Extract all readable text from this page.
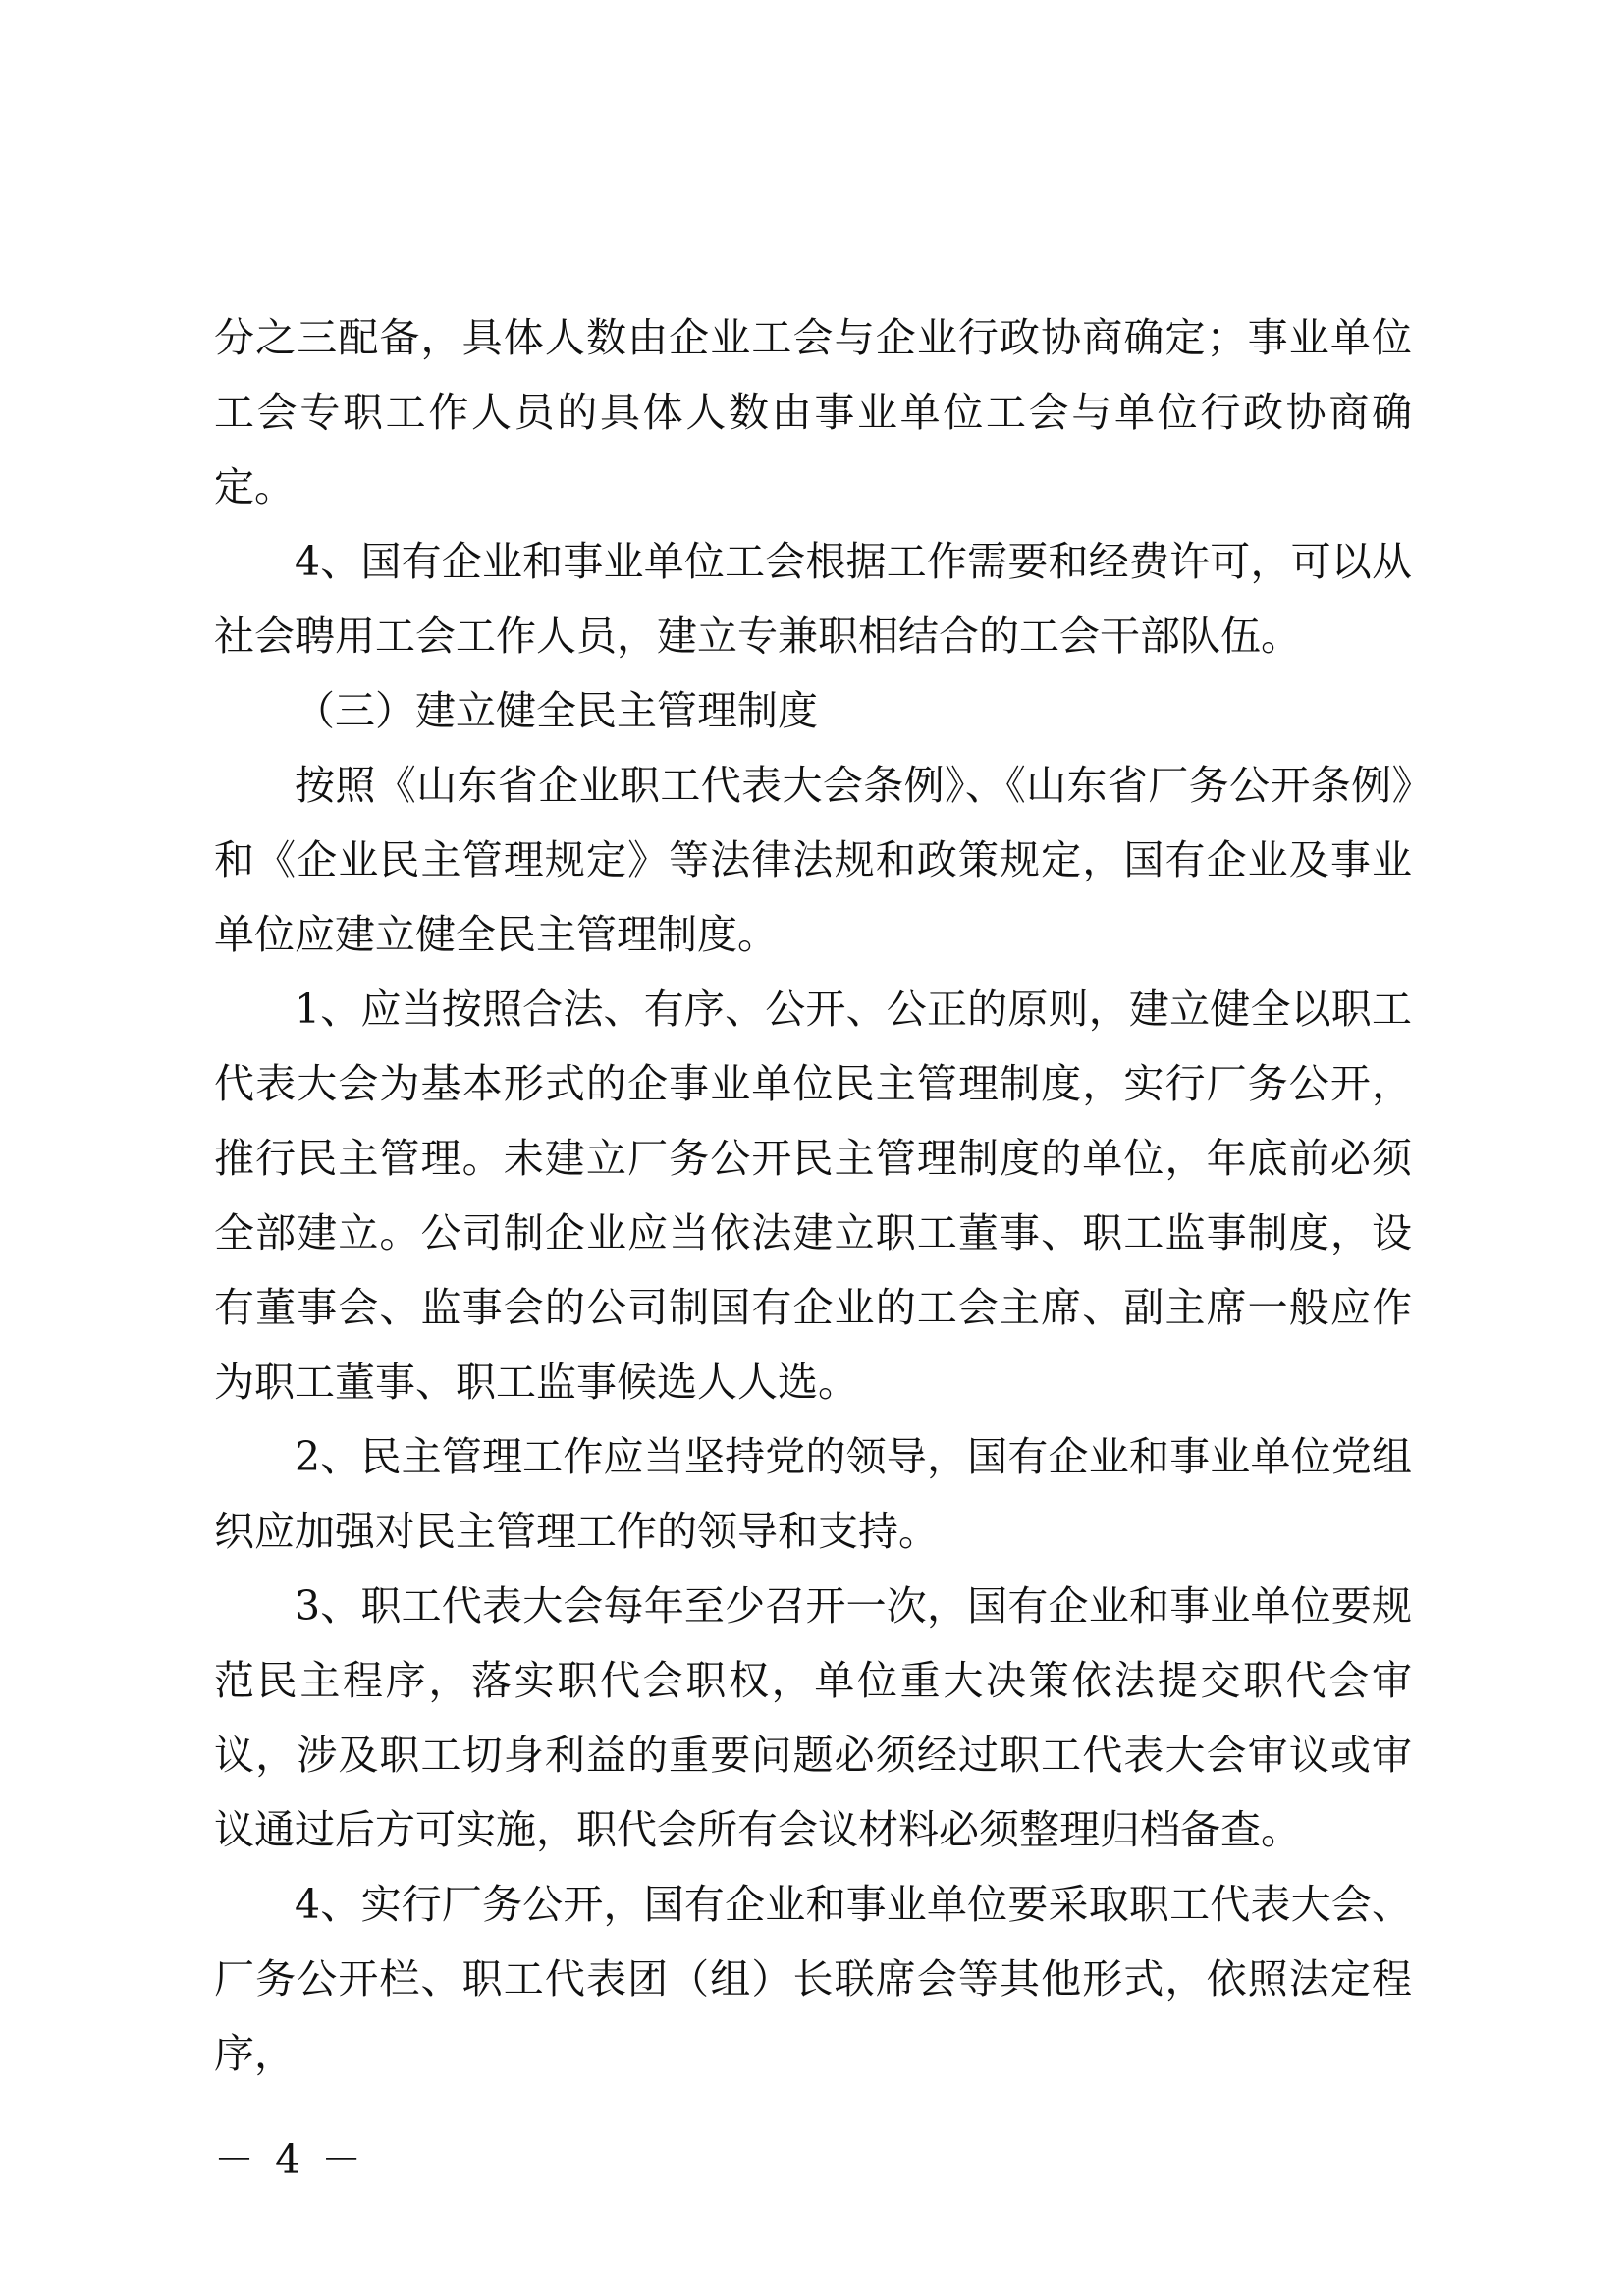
分之三配备，具体人数由企业工会与企业行政协商确定；事业单位工会专职工作人员的具体人数由事业单位工会与单位行政协商确定。

4、国有企业和事业单位工会根据工作需要和经费许可，可以从社会聘用工会工作人员，建立专兼职相结合的工会干部队伍。

（三）建立健全民主管理制度

按照《山东省企业职工代表大会条例》、《山东省厂务公开条例》和《企业民主管理规定》等法律法规和政策规定，国有企业及事业单位应建立健全民主管理制度。

1、应当按照合法、有序、公开、公正的原则，建立健全以职工代表大会为基本形式的企事业单位民主管理制度，实行厂务公开，推行民主管理。未建立厂务公开民主管理制度的单位，年底前必须全部建立。公司制企业应当依法建立职工董事、职工监事制度，设有董事会、监事会的公司制国有企业的工会主席、副主席一般应作为职工董事、职工监事候选人人选。

2、民主管理工作应当坚持党的领导，国有企业和事业单位党组织应加强对民主管理工作的领导和支持。

3、职工代表大会每年至少召开一次，国有企业和事业单位要规范民主程序，落实职代会职权，单位重大决策依法提交职代会审议，涉及职工切身利益的重要问题必须经过职工代表大会审议或审议通过后方可实施，职代会所有会议材料必须整理归档备查。

4、实行厂务公开，国有企业和事业单位要采取职工代表大会、厂务公开栏、职工代表团（组）长联席会等其他形式，依照法定程序，

－ 4 －
